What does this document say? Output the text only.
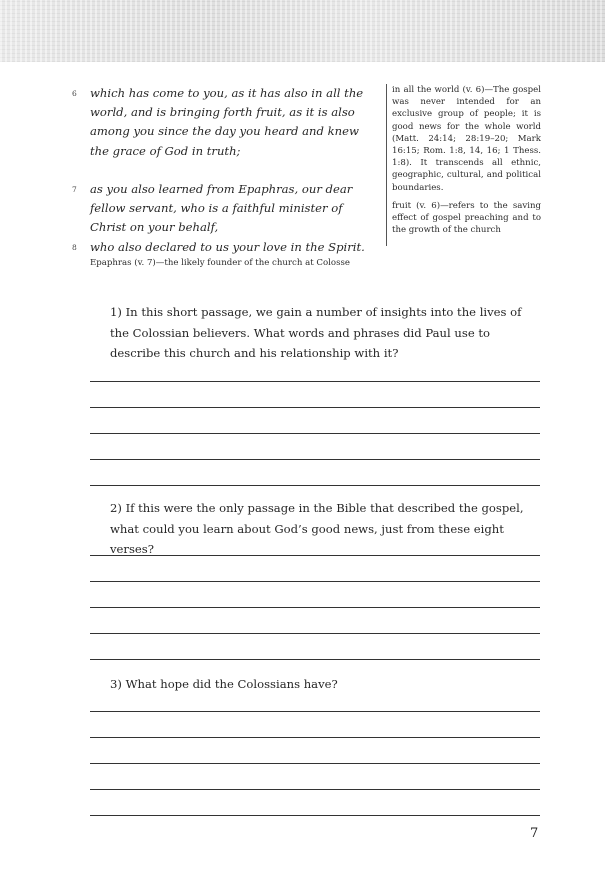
6 which has come to you, as it has also in all the world, and is bringing forth fruit, as it is also among you since the day you heard and knew the grace of God in truth;
7 as you also learned from Epaphras, our dear fellow servant, who is a faithful minister of Christ on your behalf,
8 who also declared to us your love in the Spirit.

in all the world (v. 6)—The gospel was never intended for an exclusive group of people; it is good news for the whole world (Matt. 24:14; 28:19–20; Mark 16:15; Rom. 1:8, 14, 16; 1 Thess. 1:8). It transcends all ethnic, geographic, cultural, and political boundaries.

fruit (v. 6)—refers to the saving effect of gospel preaching and to the growth of the church

Epaphras (v. 7)—the likely founder of the church at Colosse
1) In this short passage, we gain a number of insights into the lives of the Colossian believers. What words and phrases did Paul use to describe this church and his relationship with it?
2) If this were the only passage in the Bible that described the gospel, what could you learn about God’s good news, just from these eight verses?
3) What hope did the Colossians have?
7
